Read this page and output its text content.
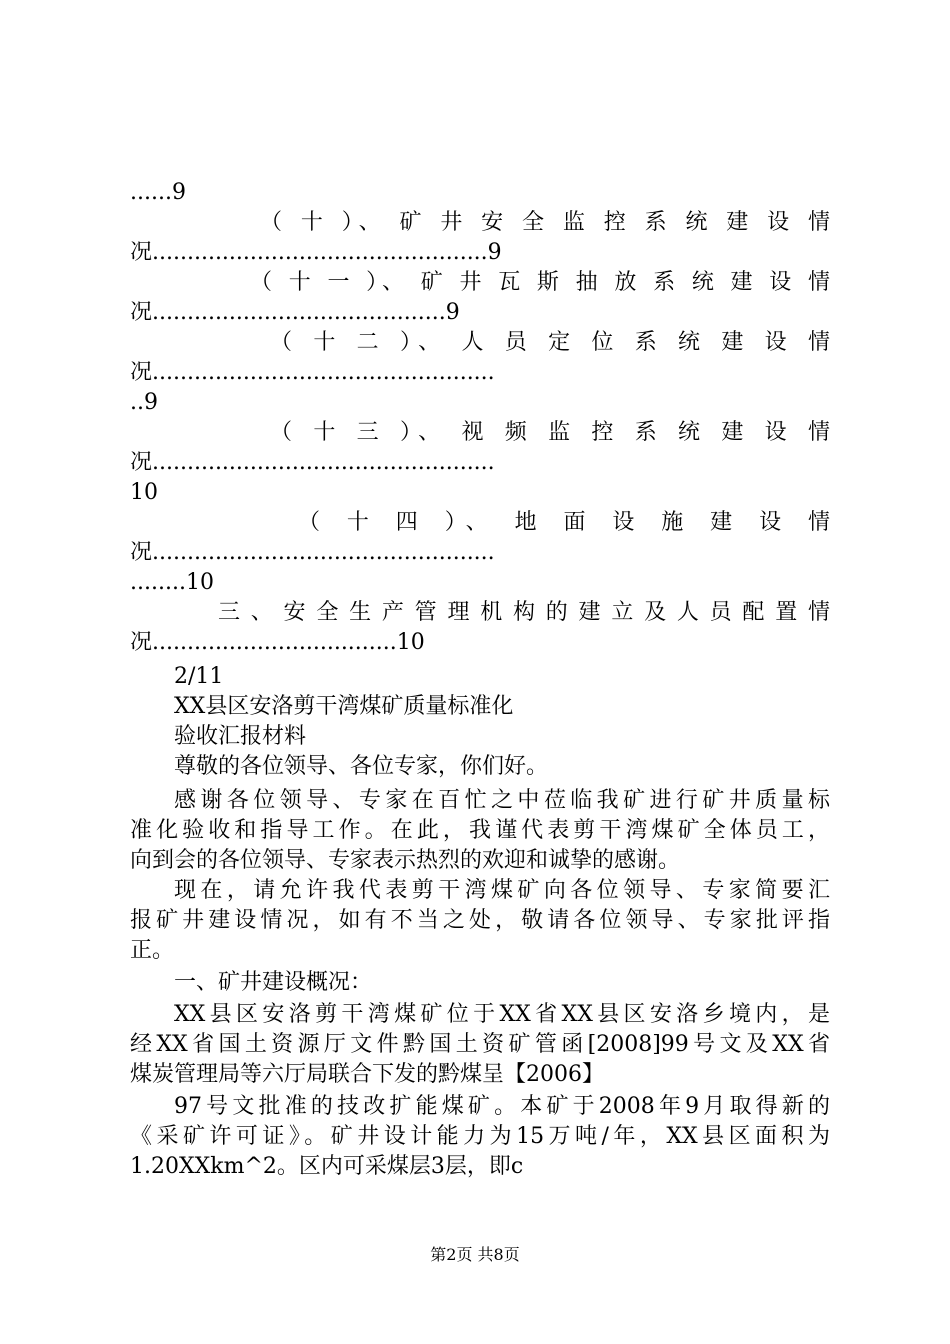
......9
（ 十 ）、 矿 井 安 全 监 控 系 统 建 设 情
况................................................9
（ 十 一 ）、 矿 井 瓦 斯 抽 放 系 统 建 设 情
况..........................................9
（ 十 二 ）、 人 员 定 位 系 统 建 设 情
况.................................................
..9
（ 十 三 ）、 视 频 监 控 系 统 建 设 情
况.................................................
10
（ 十 四 ）、 地 面 设 施 建 设 情
况.................................................
........10
三、安全生产管理机构的建立及人员配置情
况...................................10
2/11
XX县区安洛剪干湾煤矿质量标准化
验收汇报材料
尊敬的各位领导、各位专家，你们好。
感谢各位领导、专家在百忙之中莅临我矿进行矿井质量标
准化验收和指导工作。在此，我谨代表剪干湾煤矿全体员工，
向到会的各位领导、专家表示热烈的欢迎和诚挚的感谢。
现在，请允许我代表剪干湾煤矿向各位领导、专家简要汇
报矿井建设情况，如有不当之处，敬请各位领导、专家批评指
正。
一、矿井建设概况：
XX县区安洛剪干湾煤矿位于XX省XX县区安洛乡境内，是
经XX省国土资源厅文件黔国土资矿管函[2008]99号文及XX省
煤炭管理局等六厅局联合下发的黔煤呈【2006】
97号文批准的技改扩能煤矿。本矿于2008年9月取得新的
《采矿许可证》。矿井设计能力为15万吨/年，XX县区面积为
1.20XXkm^2。区内可采煤层3层，即c
第2页 共8页
